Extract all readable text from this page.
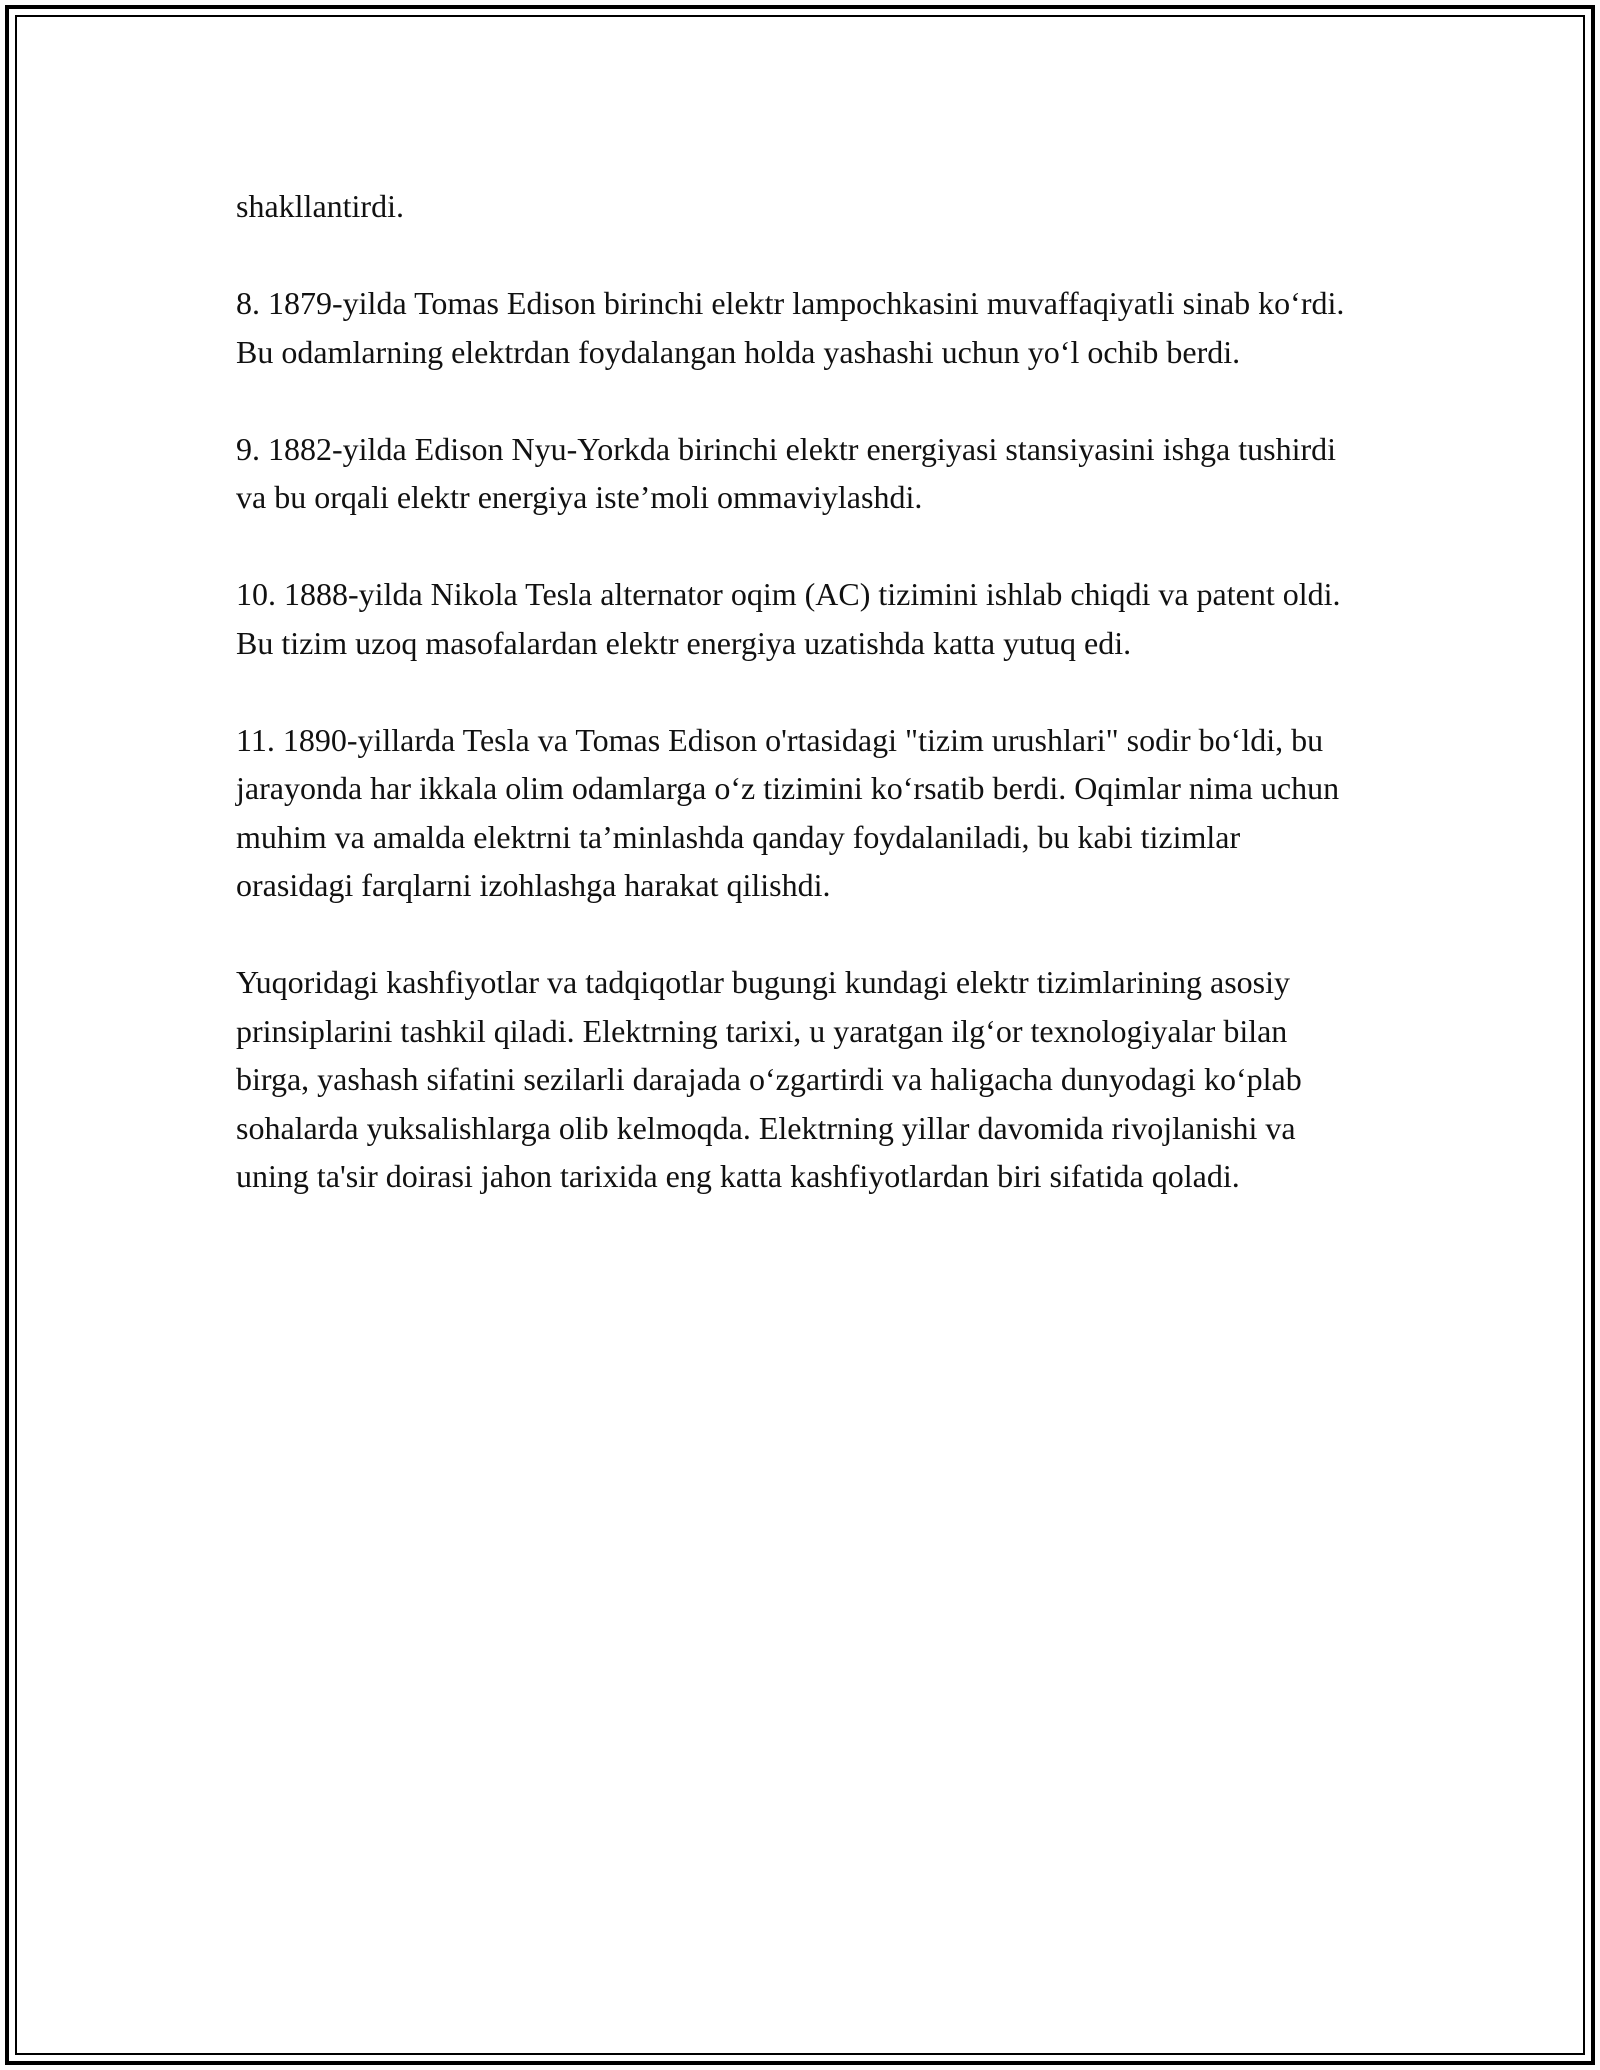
shakllantirdi.

8. 1879-yilda Tomas Edison birinchi elektr lampochkasini muvaffaqiyatli sinab ko‘rdi. Bu odamlarning elektrdan foydalangan holda yashashi uchun yo‘l ochib berdi.

9. 1882-yilda Edison Nyu-Yorkda birinchi elektr energiyasi stansiyasini ishga tushirdi va bu orqali elektr energiya iste’moli ommaviylashdi.

10. 1888-yilda Nikola Tesla alternator oqim (AC) tizimini ishlab chiqdi va patent oldi. Bu tizim uzoq masofalardan elektr energiya uzatishda katta yutuq edi.

11. 1890-yillarda Tesla va Tomas Edison o'rtasidagi "tizim urushlari" sodir bo‘ldi, bu jarayonda har ikkala olim odamlarga o‘z tizimini ko‘rsatib berdi. Oqimlar nima uchun muhim va amalda elektrni ta’minlashda qanday foydalaniladi, bu kabi tizimlar orasidagi farqlarni izohlashga harakat qilishdi.

Yuqoridagi kashfiyotlar va tadqiqotlar bugungi kundagi elektr tizimlarining asosiy prinsiplarini tashkil qiladi. Elektrning tarixi, u yaratgan ilg‘or texnologiyalar bilan birga, yashash sifatini sezilarli darajada o‘zgartirdi va haligacha dunyodagi ko‘plab sohalarda yuksalishlarga olib kelmoqda. Elektrning yillar davomida rivojlanishi va uning ta'sir doirasi jahon tarixida eng katta kashfiyotlardan biri sifatida qoladi.
